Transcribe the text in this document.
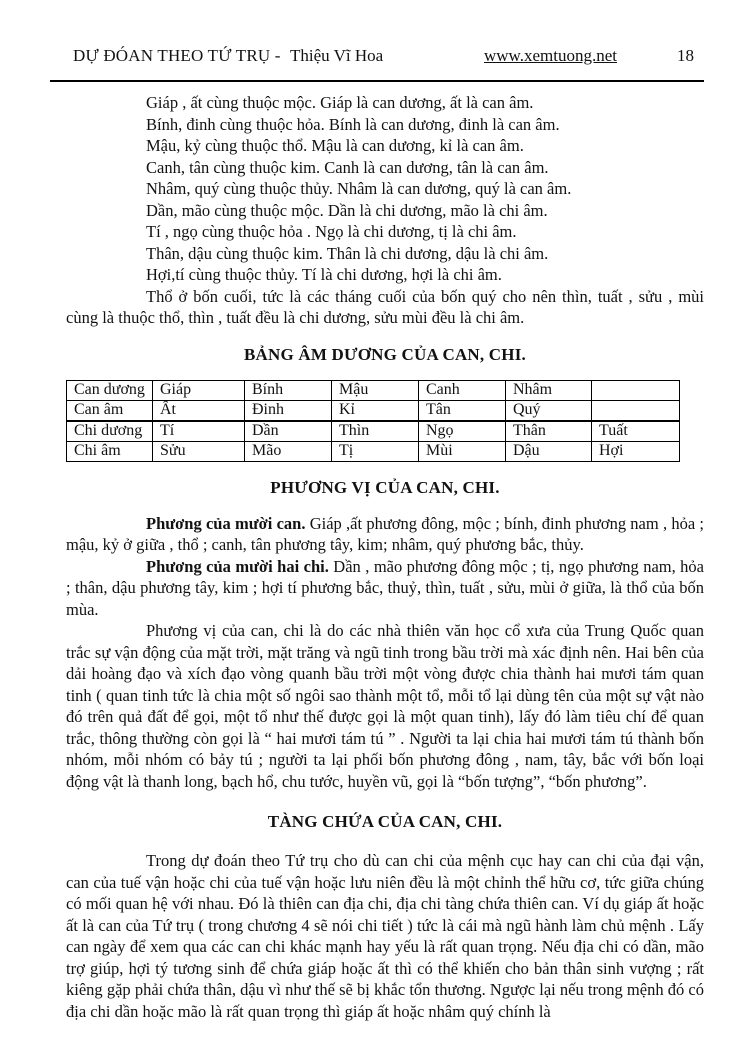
DỰ ĐÓAN THEO TỨ TRỤ - Thiệu Vĩ Hoa	www.xemtuong.net	18
Giáp , ất cùng thuộc mộc. Giáp là can dương, ất là can âm.
Bính, đinh cùng thuộc hỏa. Bính là can dương, đinh là can âm.
Mậu, kỷ cùng thuộc thổ. Mậu là can dương, kỉ là can âm.
Canh, tân cùng thuộc kim. Canh là can dương, tân là can âm.
Nhâm, quý cùng thuộc thủy. Nhâm là can dương, quý là can âm.
Dần, mão cùng thuộc mộc. Dần là chi dương, mão là chi âm.
Tí , ngọ cùng thuộc hỏa . Ngọ là chi dương, tị là chi âm.
Thân, dậu cùng thuộc kim. Thân là chi dương, dậu là chi âm.
Hợi,tí cùng thuộc thủy. Tí là chi dương, hợi là chi âm.

Thổ ở bốn cuối, tức là các tháng cuối của bốn quý cho nên thìn, tuất , sửu , mùi cùng là thuộc thổ, thìn , tuất đều là chi dương, sửu mùi đều là chi âm.

BẢNG ÂM DƯƠNG CỦA CAN, CHI.
Can dương	Giáp	Bính	Mậu	Canh	Nhâm	
Can âm	Ất	Đinh	Kỉ	Tân	Quý	
Chi dương	Tí	Dần	Thìn	Ngọ	Thân	Tuất
Chi âm	Sửu	Mão	Tị	Mùi	Dậu	Hợi
PHƯƠNG VỊ CỦA CAN, CHI.

Phương của mười can. Giáp ,ất phương đông, mộc ; bính, đinh phương nam , hỏa ; mậu, kỷ ở giữa , thổ ; canh, tân phương tây, kim; nhâm, quý phương bắc, thủy.

Phương của mười hai chi. Dần , mão phương đông mộc ; tị, ngọ phương nam, hỏa ; thân, dậu phương tây, kim ; hợi tí phương bắc, thuỷ, thìn, tuất , sửu, mùi ở giữa, là thổ của bốn mùa.

Phương vị của can, chi là do các nhà thiên văn học cổ xưa của Trung Quốc quan trắc sự vận động của mặt trời, mặt trăng và ngũ tinh trong bầu trời mà xác định nên. Hai bên của dải hoàng đạo và xích đạo vòng quanh bầu trời một vòng được chia thành hai mươi tám quan tinh ( quan tinh tức là chia một số ngôi sao thành một tổ, mỗi tổ lại dùng tên của một sự vật nào đó trên quả đất để gọi, một tổ như thế được gọi là một quan tinh), lấy đó làm tiêu chí để quan trắc, thông thường còn gọi là “ hai mươi tám tú ” . Người ta lại chia hai mươi tám tú thành bốn nhóm, mỗi nhóm có bảy tú ; người ta lại phối bốn phương đông , nam, tây, bắc với bốn loại động vật là thanh long, bạch hổ, chu tước, huyền vũ, gọi là “bốn tượng”, “bốn phương”.

TÀNG CHỨA CỦA CAN, CHI.

Trong dự đoán theo Tứ trụ cho dù can chi của mệnh cục hay can chi của đại vận, can của tuế vận hoặc chi của tuế vận hoặc lưu niên đều là một chỉnh thể hữu cơ, tức giữa chúng có mối quan hệ với nhau. Đó là thiên can địa chi, địa chi tàng chứa thiên can. Ví dụ giáp ất hoặc ất là can của Tứ trụ ( trong chương 4 sẽ nói chi tiết ) tức là cái mà ngũ hành làm chủ mệnh . Lấy can ngày để xem qua các can chi khác mạnh hay yếu là rất quan trọng. Nếu địa chi có dần, mão trợ giúp, hợi tý tương sinh để chứa giáp hoặc ất thì có thể khiến cho bản thân sinh vượng ; rất kiêng gặp phải chứa thân, dậu vì như thế sẽ bị khắc tổn thương. Ngược lại nếu trong mệnh đó có địa chi dần hoặc mão là rất quan trọng thì giáp ất hoặc nhâm quý chính là
